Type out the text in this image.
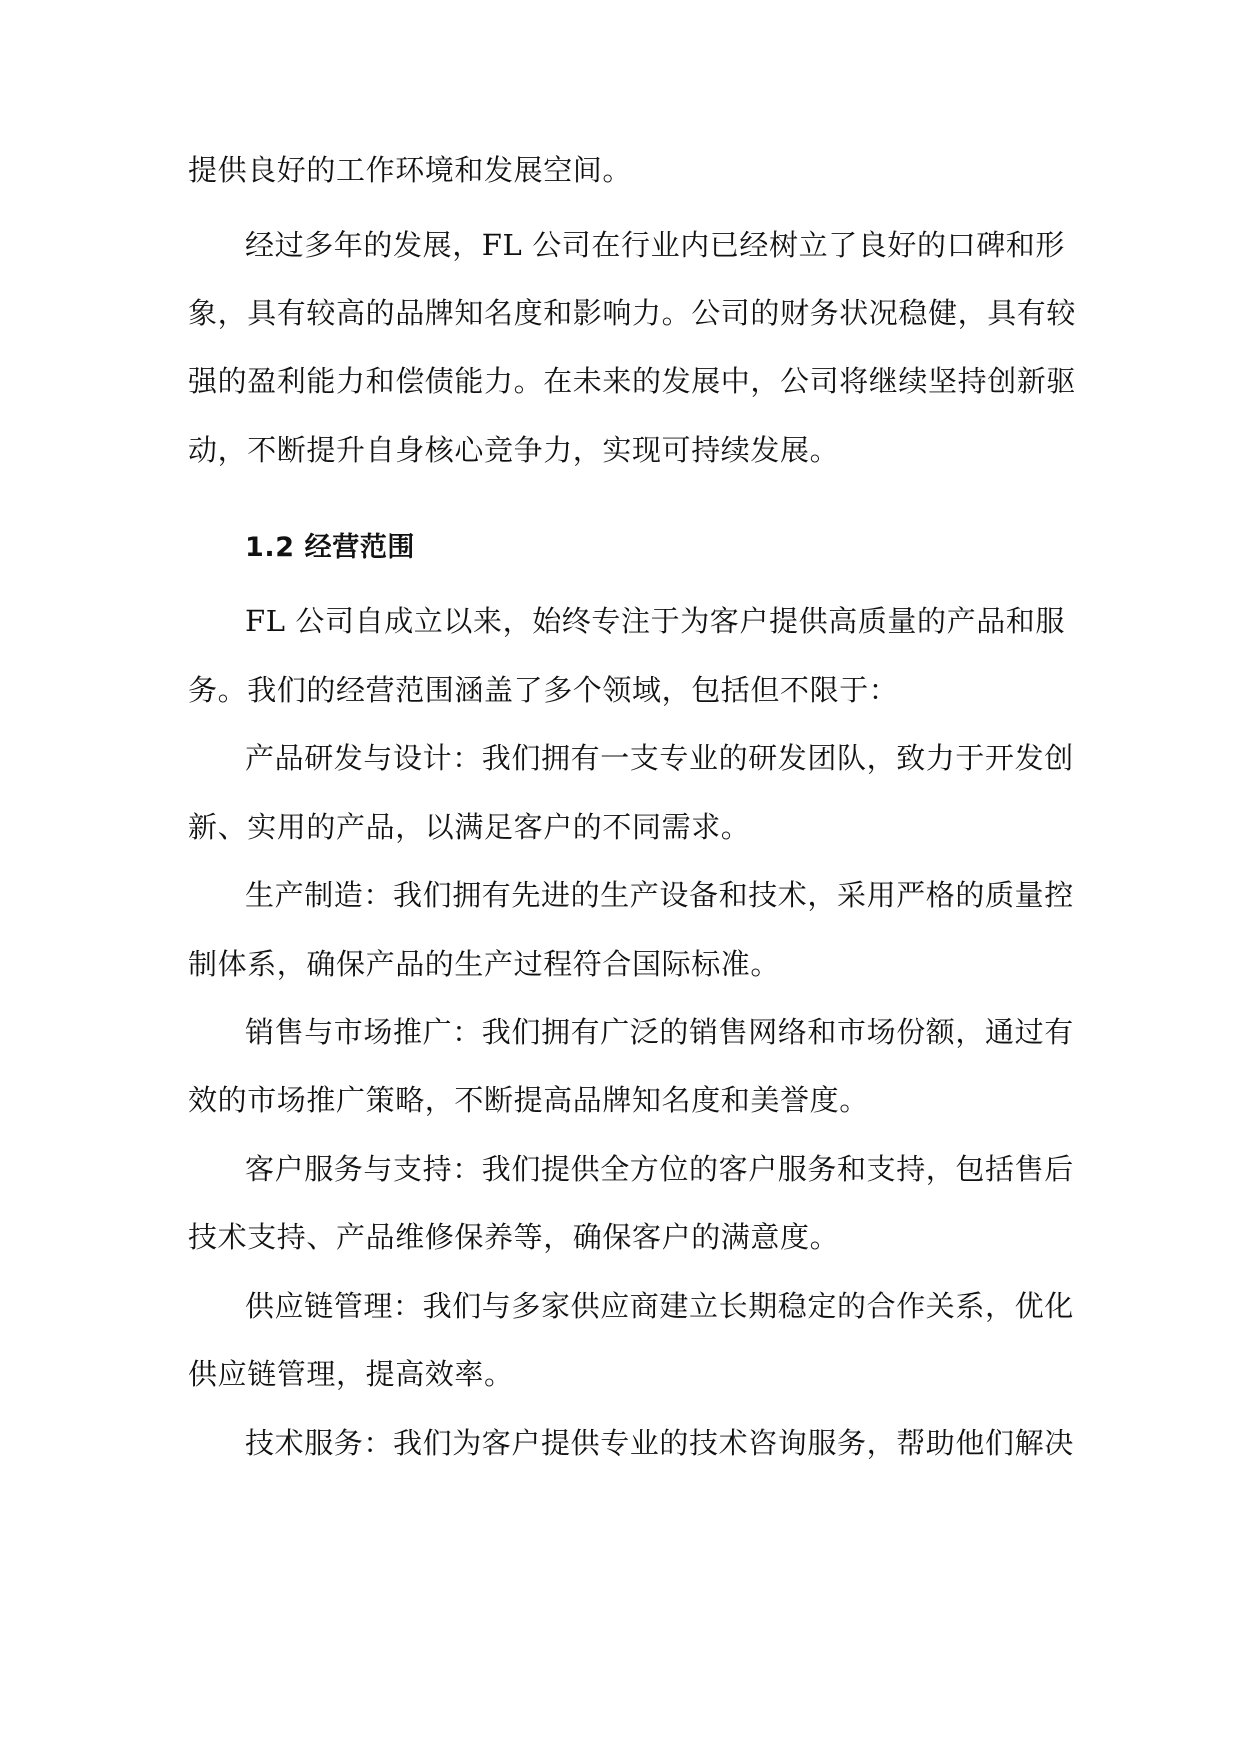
提供良好的工作环境和发展空间。
经过多年的发展，FL 公司在行业内已经树立了良好的口碑和形
象，具有较高的品牌知名度和影响力。公司的财务状况稳健，具有较
强的盈利能力和偿债能力。在未来的发展中，公司将继续坚持创新驱
动，不断提升自身核心竞争力，实现可持续发展。
1.2 经营范围
FL 公司自成立以来，始终专注于为客户提供高质量的产品和服
务。我们的经营范围涵盖了多个领域，包括但不限于：
产品研发与设计：我们拥有一支专业的研发团队，致力于开发创
新、实用的产品，以满足客户的不同需求。
生产制造：我们拥有先进的生产设备和技术，采用严格的质量控
制体系，确保产品的生产过程符合国际标准。
销售与市场推广：我们拥有广泛的销售网络和市场份额，通过有
效的市场推广策略，不断提高品牌知名度和美誉度。
客户服务与支持：我们提供全方位的客户服务和支持，包括售后
技术支持、产品维修保养等，确保客户的满意度。
供应链管理：我们与多家供应商建立长期稳定的合作关系，优化
供应链管理，提高效率。
技术服务：我们为客户提供专业的技术咨询服务，帮助他们解决
